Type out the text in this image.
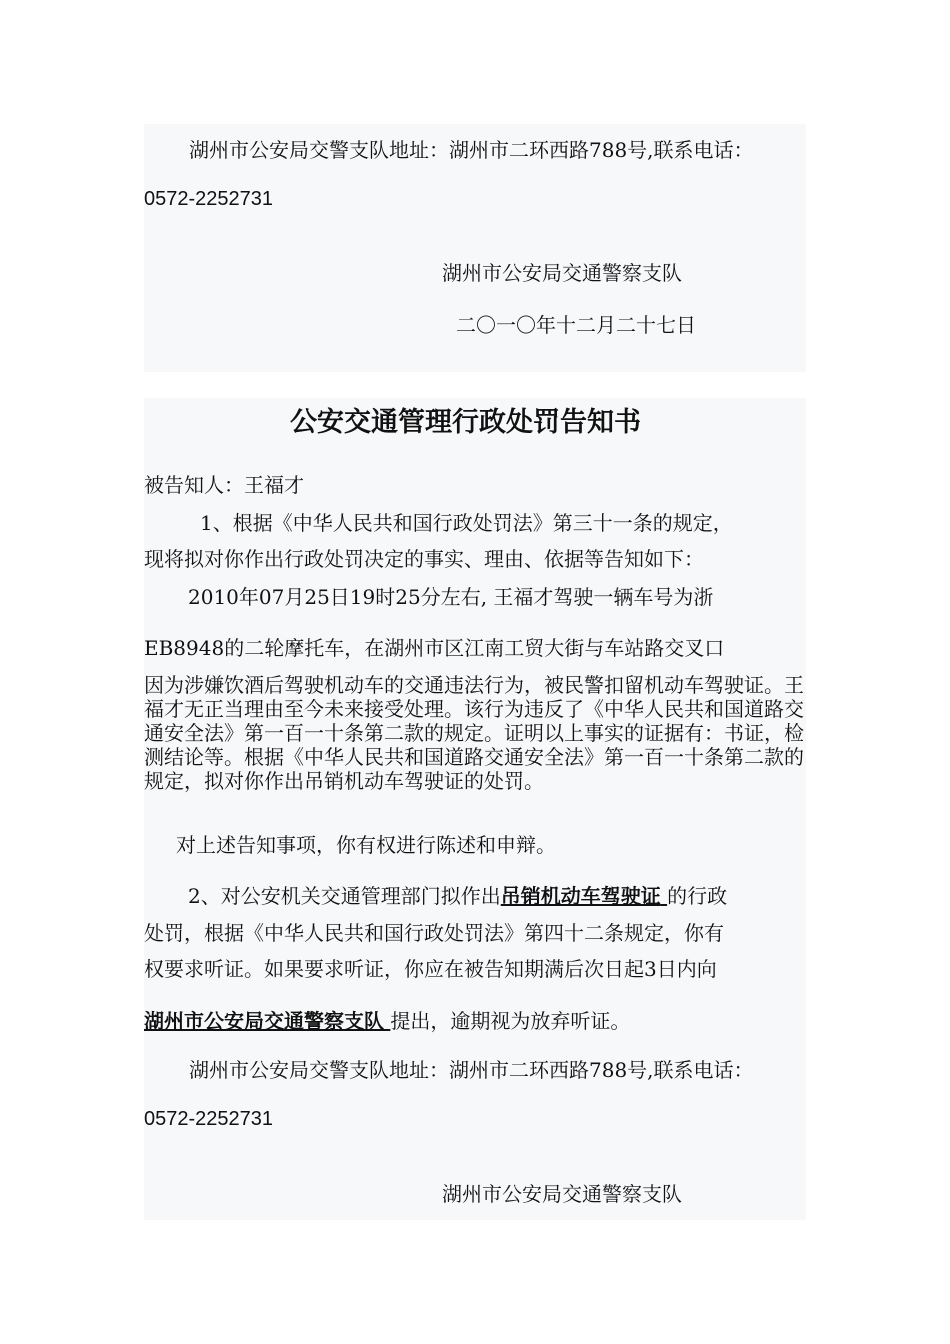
湖州市公安局交警支队地址：湖州市二环西路788号,联系电话：
0572-2252731
湖州市公安局交通警察支队
二〇一〇年十二月二十七日
公安交通管理行政处罚告知书
被告知人：王福才
1、根据《中华人民共和国行政处罚法》第三十一条的规定，
现将拟对你作出行政处罚决定的事实、理由、依据等告知如下：
2010年07月25日19时25分左右, 王福才驾驶一辆车号为浙
EB8948的二轮摩托车，在湖州市区江南工贸大街与车站路交叉口
因为涉嫌饮酒后驾驶机动车的交通违法行为，被民警扣留机动车驾驶证。王福才无正当理由至今未来接受处理。该行为违反了《中华人民共和国道路交通安全法》第一百一十条第二款的规定。证明以上事实的证据有：书证，检测结论等。根据《中华人民共和国道路交通安全法》第一百一十条第二款的规定，拟对你作出吊销机动车驾驶证的处罚。
对上述告知事项，你有权进行陈述和申辩。
2、对公安机关交通管理部门拟作出吊销机动车驾驶证 的行政
处罚，根据《中华人民共和国行政处罚法》第四十二条规定，你有
权要求听证。如果要求听证，你应在被告知期满后次日起3日内向
湖州市公安局交通警察支队 提出，逾期视为放弃听证。
湖州市公安局交警支队地址：湖州市二环西路788号,联系电话：
0572-2252731
湖州市公安局交通警察支队
